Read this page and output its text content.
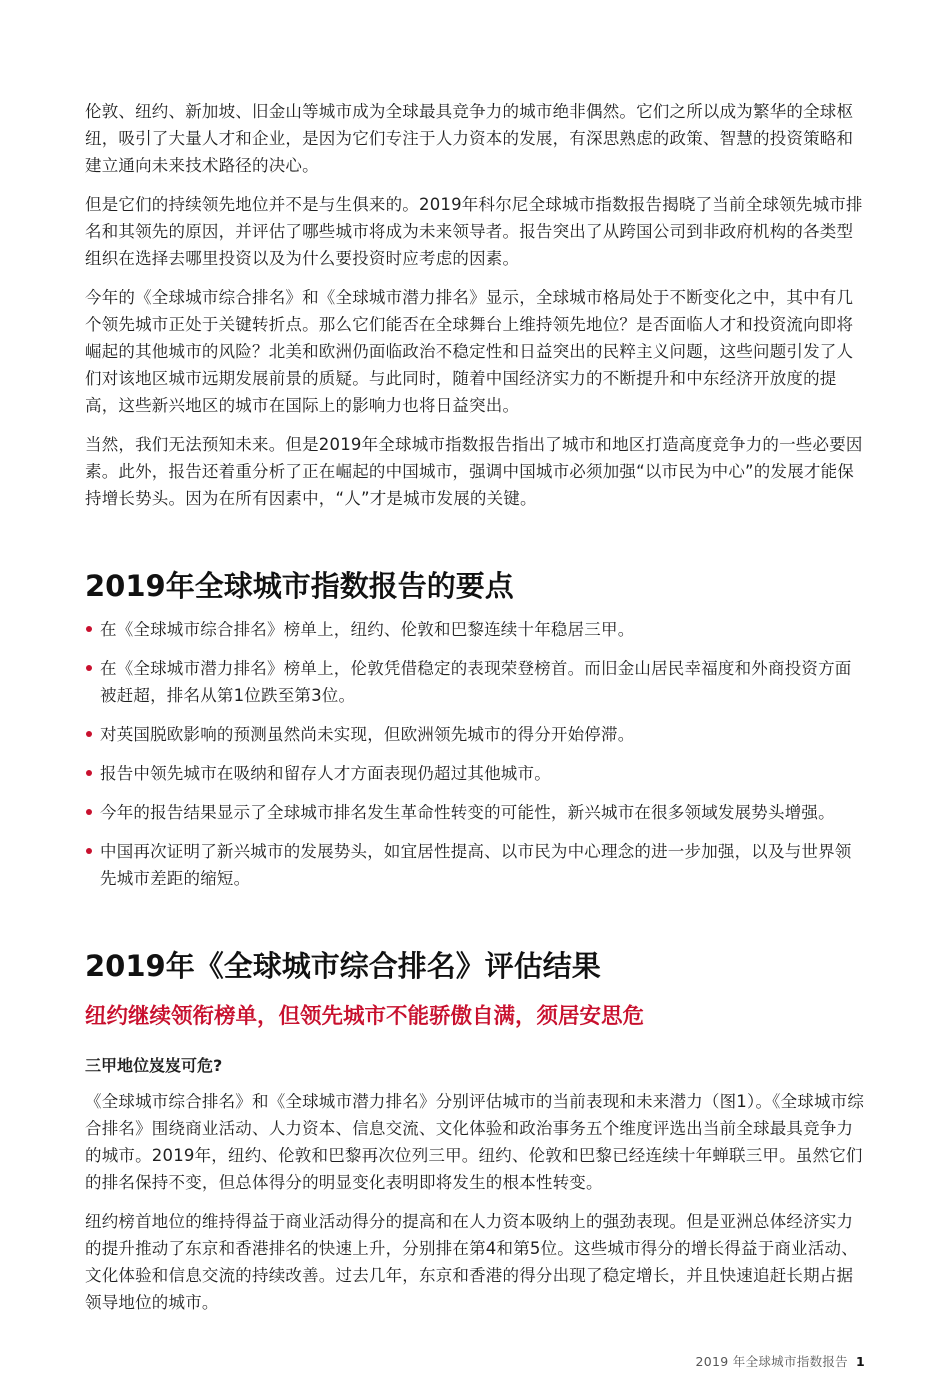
伦敦、纽约、新加坡、旧金山等城市成为全球最具竞争力的城市绝非偶然。它们之所以成为繁华的全球枢纽，吸引了大量人才和企业，是因为它们专注于人力资本的发展，有深思熟虑的政策、智慧的投资策略和建立通向未来技术路径的决心。

但是它们的持续领先地位并不是与生俱来的。2019年科尔尼全球城市指数报告揭晓了当前全球领先城市排名和其领先的原因，并评估了哪些城市将成为未来领导者。报告突出了从跨国公司到非政府机构的各类型组织在选择去哪里投资以及为什么要投资时应考虑的因素。

今年的《全球城市综合排名》和《全球城市潜力排名》显示，全球城市格局处于不断变化之中，其中有几个领先城市正处于关键转折点。那么它们能否在全球舞台上维持领先地位？是否面临人才和投资流向即将崛起的其他城市的风险？北美和欧洲仍面临政治不稳定性和日益突出的民粹主义问题，这些问题引发了人们对该地区城市远期发展前景的质疑。与此同时，随着中国经济实力的不断提升和中东经济开放度的提高，这些新兴地区的城市在国际上的影响力也将日益突出。

当然，我们无法预知未来。但是2019年全球城市指数报告指出了城市和地区打造高度竞争力的一些必要因素。此外，报告还着重分析了正在崛起的中国城市，强调中国城市必须加强“以市民为中心”的发展才能保持增长势头。因为在所有因素中，“人”才是城市发展的关键。

2019年全球城市指数报告的要点
在《全球城市综合排名》榜单上，纽约、伦敦和巴黎连续十年稳居三甲。
在《全球城市潜力排名》榜单上，伦敦凭借稳定的表现荣登榜首。而旧金山居民幸福度和外商投资方面被赶超，排名从第1位跌至第3位。
对英国脱欧影响的预测虽然尚未实现，但欧洲领先城市的得分开始停滞。
报告中领先城市在吸纳和留存人才方面表现仍超过其他城市。
今年的报告结果显示了全球城市排名发生革命性转变的可能性，新兴城市在很多领域发展势头增强。
中国再次证明了新兴城市的发展势头，如宜居性提高、以市民为中心理念的进一步加强，以及与世界领先城市差距的缩短。
2019年《全球城市综合排名》评估结果
纽约继续领衔榜单，但领先城市不能骄傲自满，须居安思危
三甲地位岌岌可危?

《全球城市综合排名》和《全球城市潜力排名》分别评估城市的当前表现和未来潜力（图1）。《全球城市综合排名》围绕商业活动、人力资本、信息交流、文化体验和政治事务五个维度评选出当前全球最具竞争力的城市。2019年，纽约、伦敦和巴黎再次位列三甲。纽约、伦敦和巴黎已经连续十年蝉联三甲。虽然它们的排名保持不变，但总体得分的明显变化表明即将发生的根本性转变。

纽约榜首地位的维持得益于商业活动得分的提高和在人力资本吸纳上的强劲表现。但是亚洲总体经济实力的提升推动了东京和香港排名的快速上升，分别排在第4和第5位。这些城市得分的增长得益于商业活动、文化体验和信息交流的持续改善。过去几年，东京和香港的得分出现了稳定增长，并且快速追赶长期占据领导地位的城市。

2019 年全球城市指数报告 1
